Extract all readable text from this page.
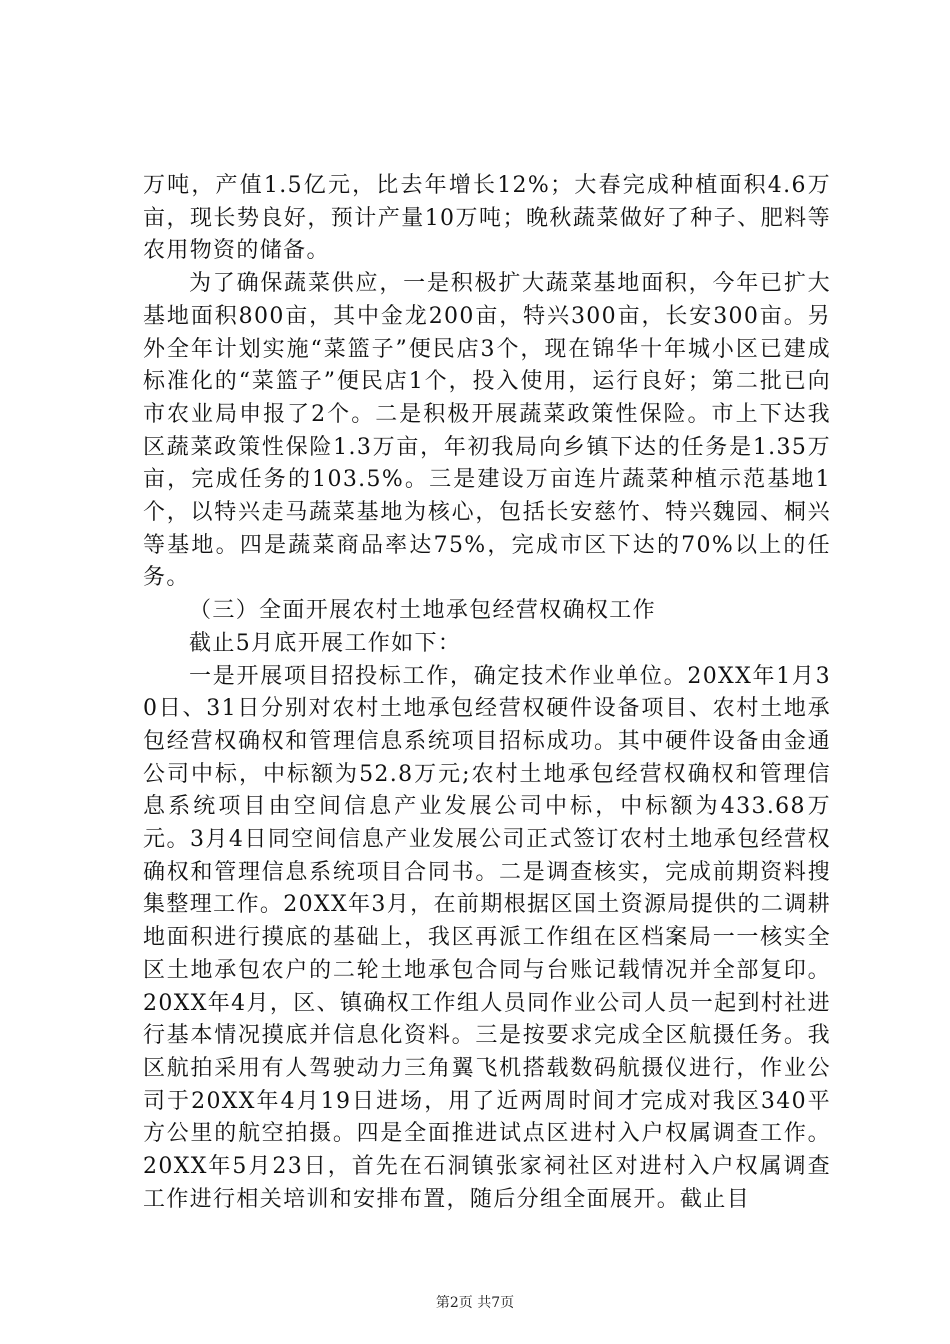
万吨，产值1.5亿元，比去年增长12%；大春完成种植面积4.6万亩，现长势良好，预计产量10万吨；晚秋蔬菜做好了种子、肥料等农用物资的储备。

为了确保蔬菜供应，一是积极扩大蔬菜基地面积，今年已扩大基地面积800亩，其中金龙200亩，特兴300亩，长安300亩。另外全年计划实施“菜篮子”便民店3个，现在锦华十年城小区已建成标准化的“菜篮子”便民店1个，投入使用，运行良好；第二批已向市农业局申报了2个。二是积极开展蔬菜政策性保险。市上下达我区蔬菜政策性保险1.3万亩，年初我局向乡镇下达的任务是1.35万亩，完成任务的103.5%。三是建设万亩连片蔬菜种植示范基地1个，以特兴走马蔬菜基地为核心，包括长安慈竹、特兴魏园、桐兴等基地。四是蔬菜商品率达75%，完成市区下达的70%以上的任务。

（三）全面开展农村土地承包经营权确权工作

截止5月底开展工作如下：

一是开展项目招投标工作，确定技术作业单位。20XX年1月30日、31日分别对农村土地承包经营权硬件设备项目、农村土地承包经营权确权和管理信息系统项目招标成功。其中硬件设备由金通公司中标，中标额为52.8万元;农村土地承包经营权确权和管理信息系统项目由空间信息产业发展公司中标，中标额为433.68万元。3月4日同空间信息产业发展公司正式签订农村土地承包经营权确权和管理信息系统项目合同书。二是调查核实，完成前期资料搜集整理工作。20XX年3月，在前期根据区国土资源局提供的二调耕地面积进行摸底的基础上，我区再派工作组在区档案局一一核实全区土地承包农户的二轮土地承包合同与台账记载情况并全部复印。20XX年4月，区、镇确权工作组人员同作业公司人员一起到村社进行基本情况摸底并信息化资料。三是按要求完成全区航摄任务。我区航拍采用有人驾驶动力三角翼飞机搭载数码航摄仪进行，作业公司于20XX年4月19日进场，用了近两周时间才完成对我区340平方公里的航空拍摄。四是全面推进试点区进村入户权属调查工作。20XX年5月23日，首先在石洞镇张家祠社区对进村入户权属调查工作进行相关培训和安排布置，随后分组全面展开。截止目

第2页 共7页
